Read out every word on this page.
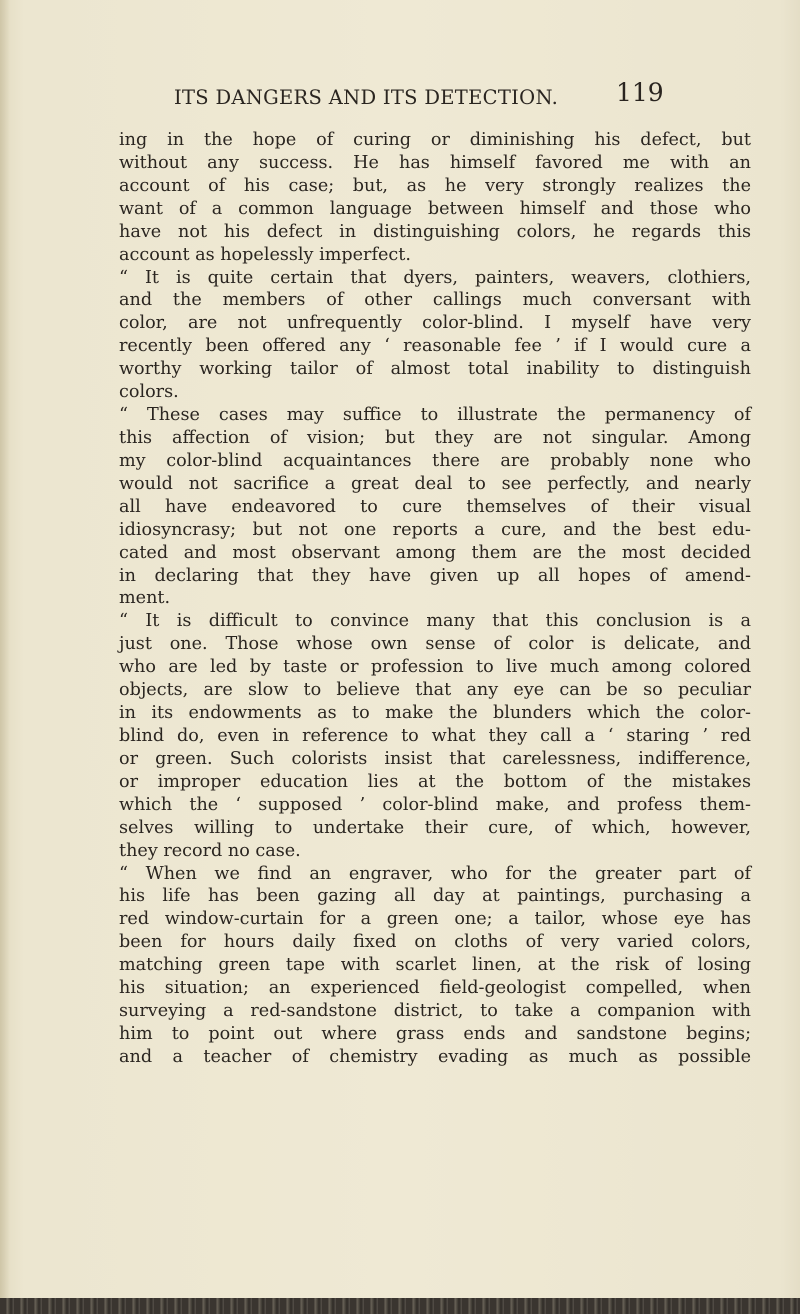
ITS DANGERS AND ITS DETECTION. 119
ing in the hope of curing or diminishing his defect, but
without any success. He has himself favored me with an
account of his case; but, as he very strongly realizes the
want of a common language between himself and those who
have not his defect in distinguishing colors, he regards this
account as hopelessly imperfect.
“ It is quite certain that dyers, painters, weavers, clothiers,
and the members of other callings much conversant with
color, are not unfrequently color-blind. I myself have very
recently been offered any ‘ reasonable fee ’ if I would cure a
worthy working tailor of almost total inability to distinguish
colors.
“ These cases may suffice to illustrate the permanency of
this affection of vision; but they are not singular. Among
my color-blind acquaintances there are probably none who
would not sacrifice a great deal to see perfectly, and nearly
all have endeavored to cure themselves of their visual
idiosyncrasy; but not one reports a cure, and the best edu-
cated and most observant among them are the most decided
in declaring that they have given up all hopes of amend-
ment.
“ It is difficult to convince many that this conclusion is a
just one. Those whose own sense of color is delicate, and
who are led by taste or profession to live much among colored
objects, are slow to believe that any eye can be so peculiar
in its endowments as to make the blunders which the color-
blind do, even in reference to what they call a ‘ staring ’ red
or green. Such colorists insist that carelessness, indifference,
or improper education lies at the bottom of the mistakes
which the ‘ supposed ’ color-blind make, and profess them-
selves willing to undertake their cure, of which, however,
they record no case.
“ When we find an engraver, who for the greater part of
his life has been gazing all day at paintings, purchasing a
red window-curtain for a green one; a tailor, whose eye has
been for hours daily fixed on cloths of very varied colors,
matching green tape with scarlet linen, at the risk of losing
his situation; an experienced field-geologist compelled, when
surveying a red-sandstone district, to take a companion with
him to point out where grass ends and sandstone begins;
and a teacher of chemistry evading as much as possible
